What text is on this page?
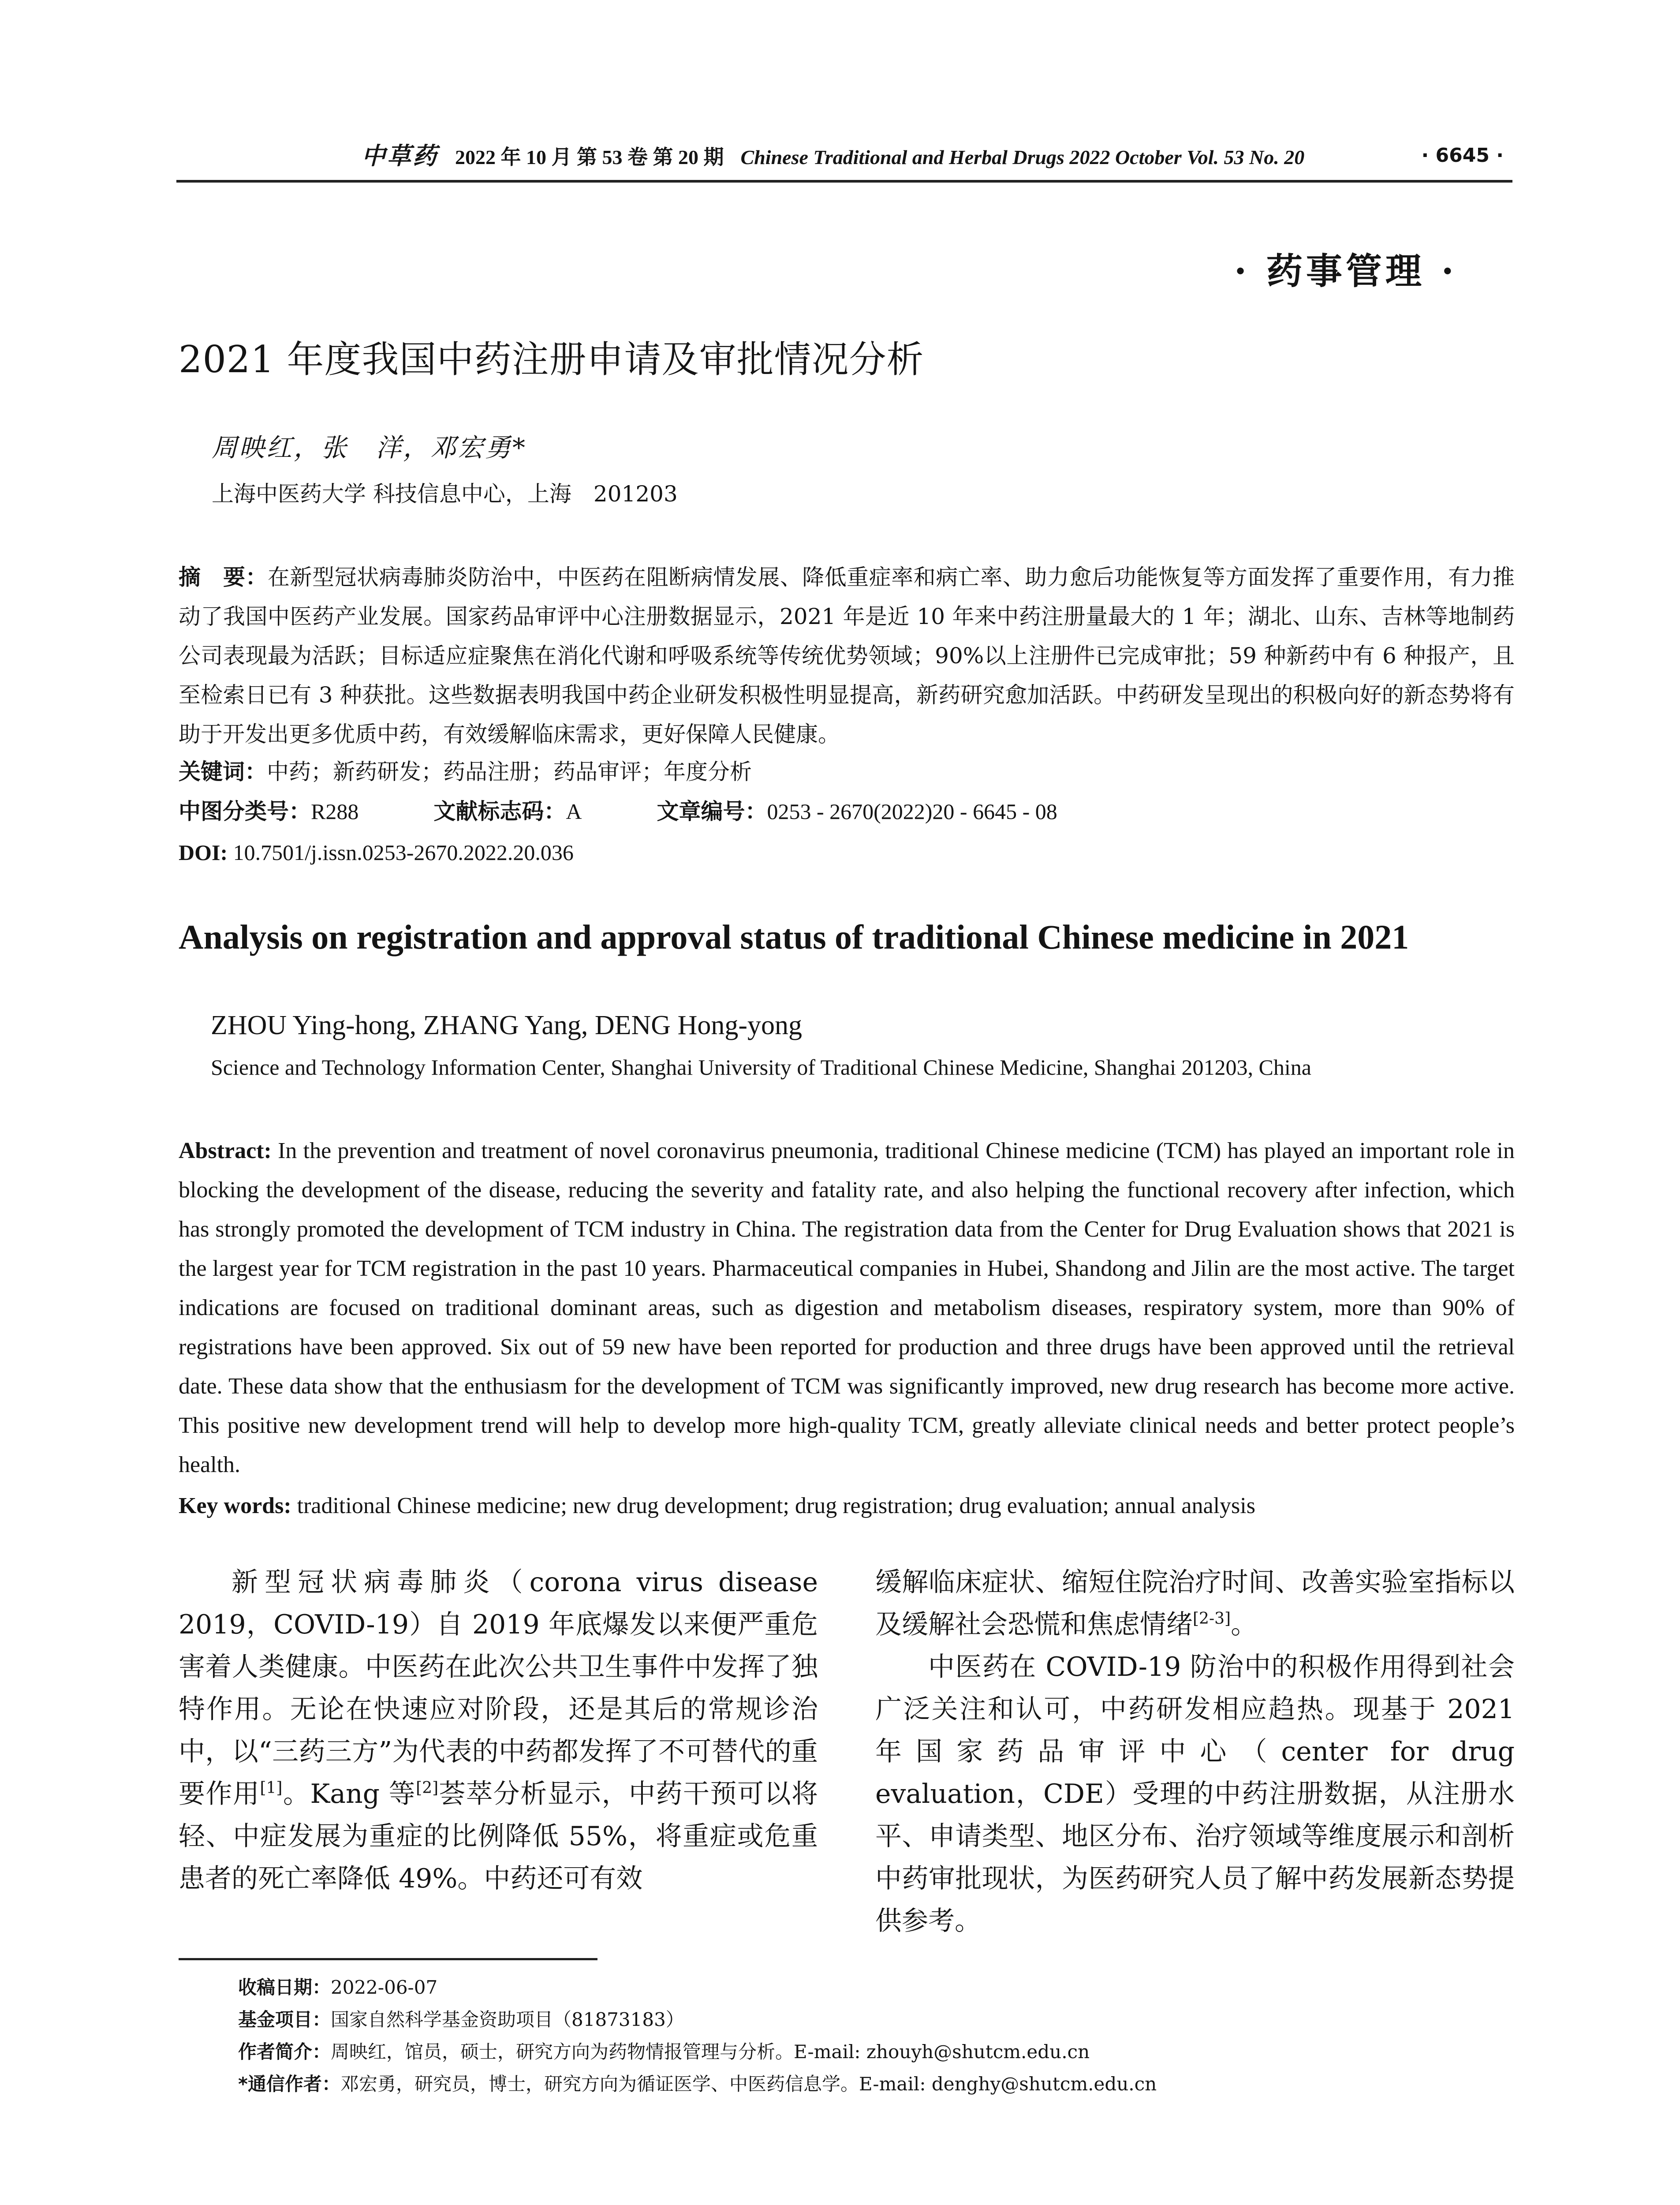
中草药 2022 年 10 月 第 53 卷 第 20 期 Chinese Traditional and Herbal Drugs 2022 October Vol. 53 No. 20	· 6645 ·
· 药事管理 ·
2021 年度我国中药注册申请及审批情况分析
周映红，张　洋，邓宏勇*
上海中医药大学 科技信息中心，上海　201203
摘　要：在新型冠状病毒肺炎防治中，中医药在阻断病情发展、降低重症率和病亡率、助力愈后功能恢复等方面发挥了重要作用，有力推动了我国中医药产业发展。国家药品审评中心注册数据显示，2021 年是近 10 年来中药注册量最大的 1 年；湖北、山东、吉林等地制药公司表现最为活跃；目标适应症聚焦在消化代谢和呼吸系统等传统优势领域；90%以上注册件已完成审批；59 种新药中有 6 种报产，且至检索日已有 3 种获批。这些数据表明我国中药企业研发积极性明显提高，新药研究愈加活跃。中药研发呈现出的积极向好的新态势将有助于开发出更多优质中药，有效缓解临床需求，更好保障人民健康。
关键词：中药；新药研发；药品注册；药品审评；年度分析
中图分类号：R288	文献标志码：A	文章编号：0253 - 2670(2022)20 - 6645 - 08
DOI: 10.7501/j.issn.0253-2670.2022.20.036
Analysis on registration and approval status of traditional Chinese medicine in 2021
ZHOU Ying-hong, ZHANG Yang, DENG Hong-yong
Science and Technology Information Center, Shanghai University of Traditional Chinese Medicine, Shanghai 201203, China
Abstract: In the prevention and treatment of novel coronavirus pneumonia, traditional Chinese medicine (TCM) has played an important role in blocking the development of the disease, reducing the severity and fatality rate, and also helping the functional recovery after infection, which has strongly promoted the development of TCM industry in China. The registration data from the Center for Drug Evaluation shows that 2021 is the largest year for TCM registration in the past 10 years. Pharmaceutical companies in Hubei, Shandong and Jilin are the most active. The target indications are focused on traditional dominant areas, such as digestion and metabolism diseases, respiratory system, more than 90% of registrations have been approved. Six out of 59 new have been reported for production and three drugs have been approved until the retrieval date. These data show that the enthusiasm for the development of TCM was significantly improved, new drug research has become more active. This positive new development trend will help to develop more high-quality TCM, greatly alleviate clinical needs and better protect people’s health.
Key words: traditional Chinese medicine; new drug development; drug registration; drug evaluation; annual analysis

新型冠状病毒肺炎（corona virus disease 2019，COVID-19）自 2019 年底爆发以来便严重危害着人类健康。中医药在此次公共卫生事件中发挥了独特作用。无论在快速应对阶段，还是其后的常规诊治中，以“三药三方”为代表的中药都发挥了不可替代的重要作用[1]。Kang 等[2]荟萃分析显示，中药干预可以将轻、中症发展为重症的比例降低 55%，将重症或危重患者的死亡率降低 49%。中药还可有效

缓解临床症状、缩短住院治疗时间、改善实验室指标以及缓解社会恐慌和焦虑情绪[2-3]。

中医药在 COVID-19 防治中的积极作用得到社会广泛关注和认可，中药研发相应趋热。现基于 2021 年国家药品审评中心（center for drug evaluation，CDE）受理的中药注册数据，从注册水平、申请类型、地区分布、治疗领域等维度展示和剖析中药审批现状，为医药研究人员了解中药发展新态势提供参考。

收稿日期：2022-06-07
基金项目：国家自然科学基金资助项目（81873183）
作者简介：周映红，馆员，硕士，研究方向为药物情报管理与分析。E-mail: zhouyh@shutcm.edu.cn
*通信作者：邓宏勇，研究员，博士，研究方向为循证医学、中医药信息学。E-mail: denghy@shutcm.edu.cn
